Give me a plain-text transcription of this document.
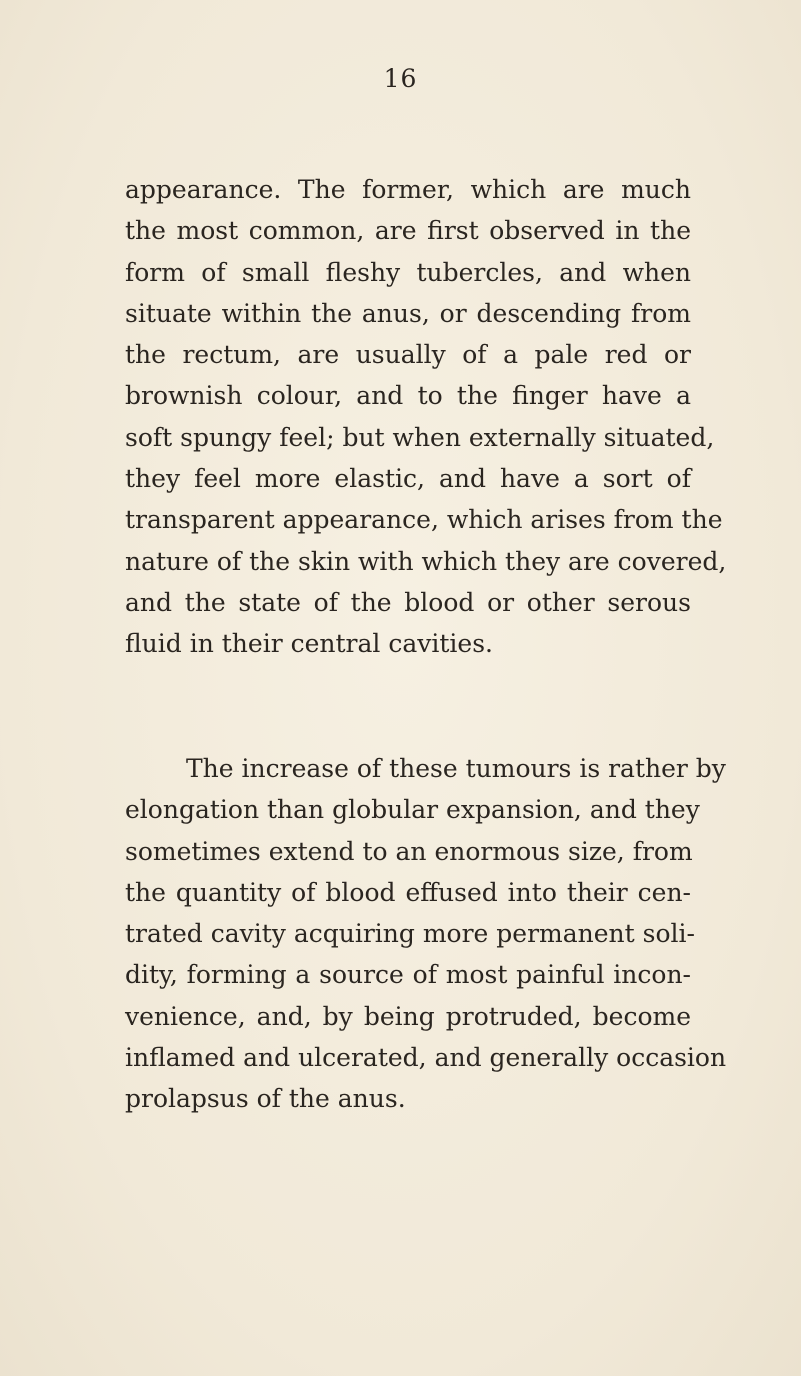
16
appearance. The former, which are much
the most common, are first observed in the
form of small fleshy tubercles, and when
situate within the anus, or descending from
the rectum, are usually of a pale red or
brownish colour, and to the finger have a
soft spungy feel; but when externally situated,
they feel more elastic, and have a sort of
transparent appearance, which arises from the
nature of the skin with which they are covered,
and the state of the blood or other serous
fluid in their central cavities.
The increase of these tumours is rather by
elongation than globular expansion, and they
sometimes extend to an enormous size, from
the quantity of blood effused into their cen-
trated cavity acquiring more permanent soli-
dity, forming a source of most painful incon-
venience, and, by being protruded, become
inflamed and ulcerated, and generally occasion
prolapsus of the anus.
